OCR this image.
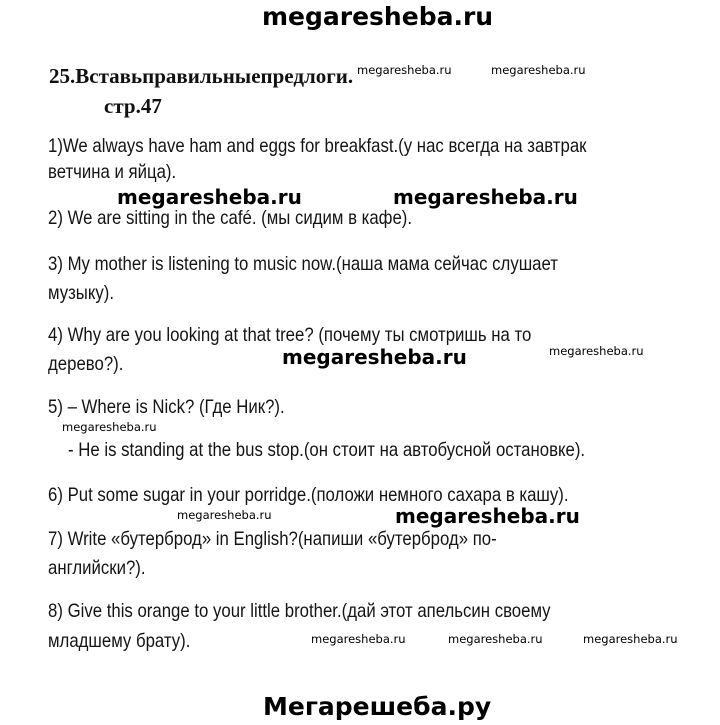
megaresheba.ru
25.Вставьправильныепредлоги.
стр.47
megaresheba.ru	megaresheba.ru
1)We always have ham and eggs for breakfast.(у нас всегда на завтрак
ветчина и яйца).
megaresheba.ru	megaresheba.ru
2) We are sitting in the café. (мы сидим в кафе).
3) My mother is listening to music now.(наша мама сейчас слушает
музыку).
4) Why are you looking at that tree? (почему ты смотришь на то
megaresheba.ru	megaresheba.ru
дерево?).
5) – Where is Nick? (Где Ник?).
megaresheba.ru
- He is standing at the bus stop.(он стоит на автобусной остановке).
6) Put some sugar in your porridge.(положи немного сахара в кашу).
megaresheba.ru	megaresheba.ru
7) Write «бутерброд» in English?(напиши «бутерброд» по-
английски?).
8) Give this orange to your little brother.(дай этот апельсин своему
младшему брату).	megaresheba.ru	megaresheba.ru	megaresheba.ru
Мегарешеба.ру
